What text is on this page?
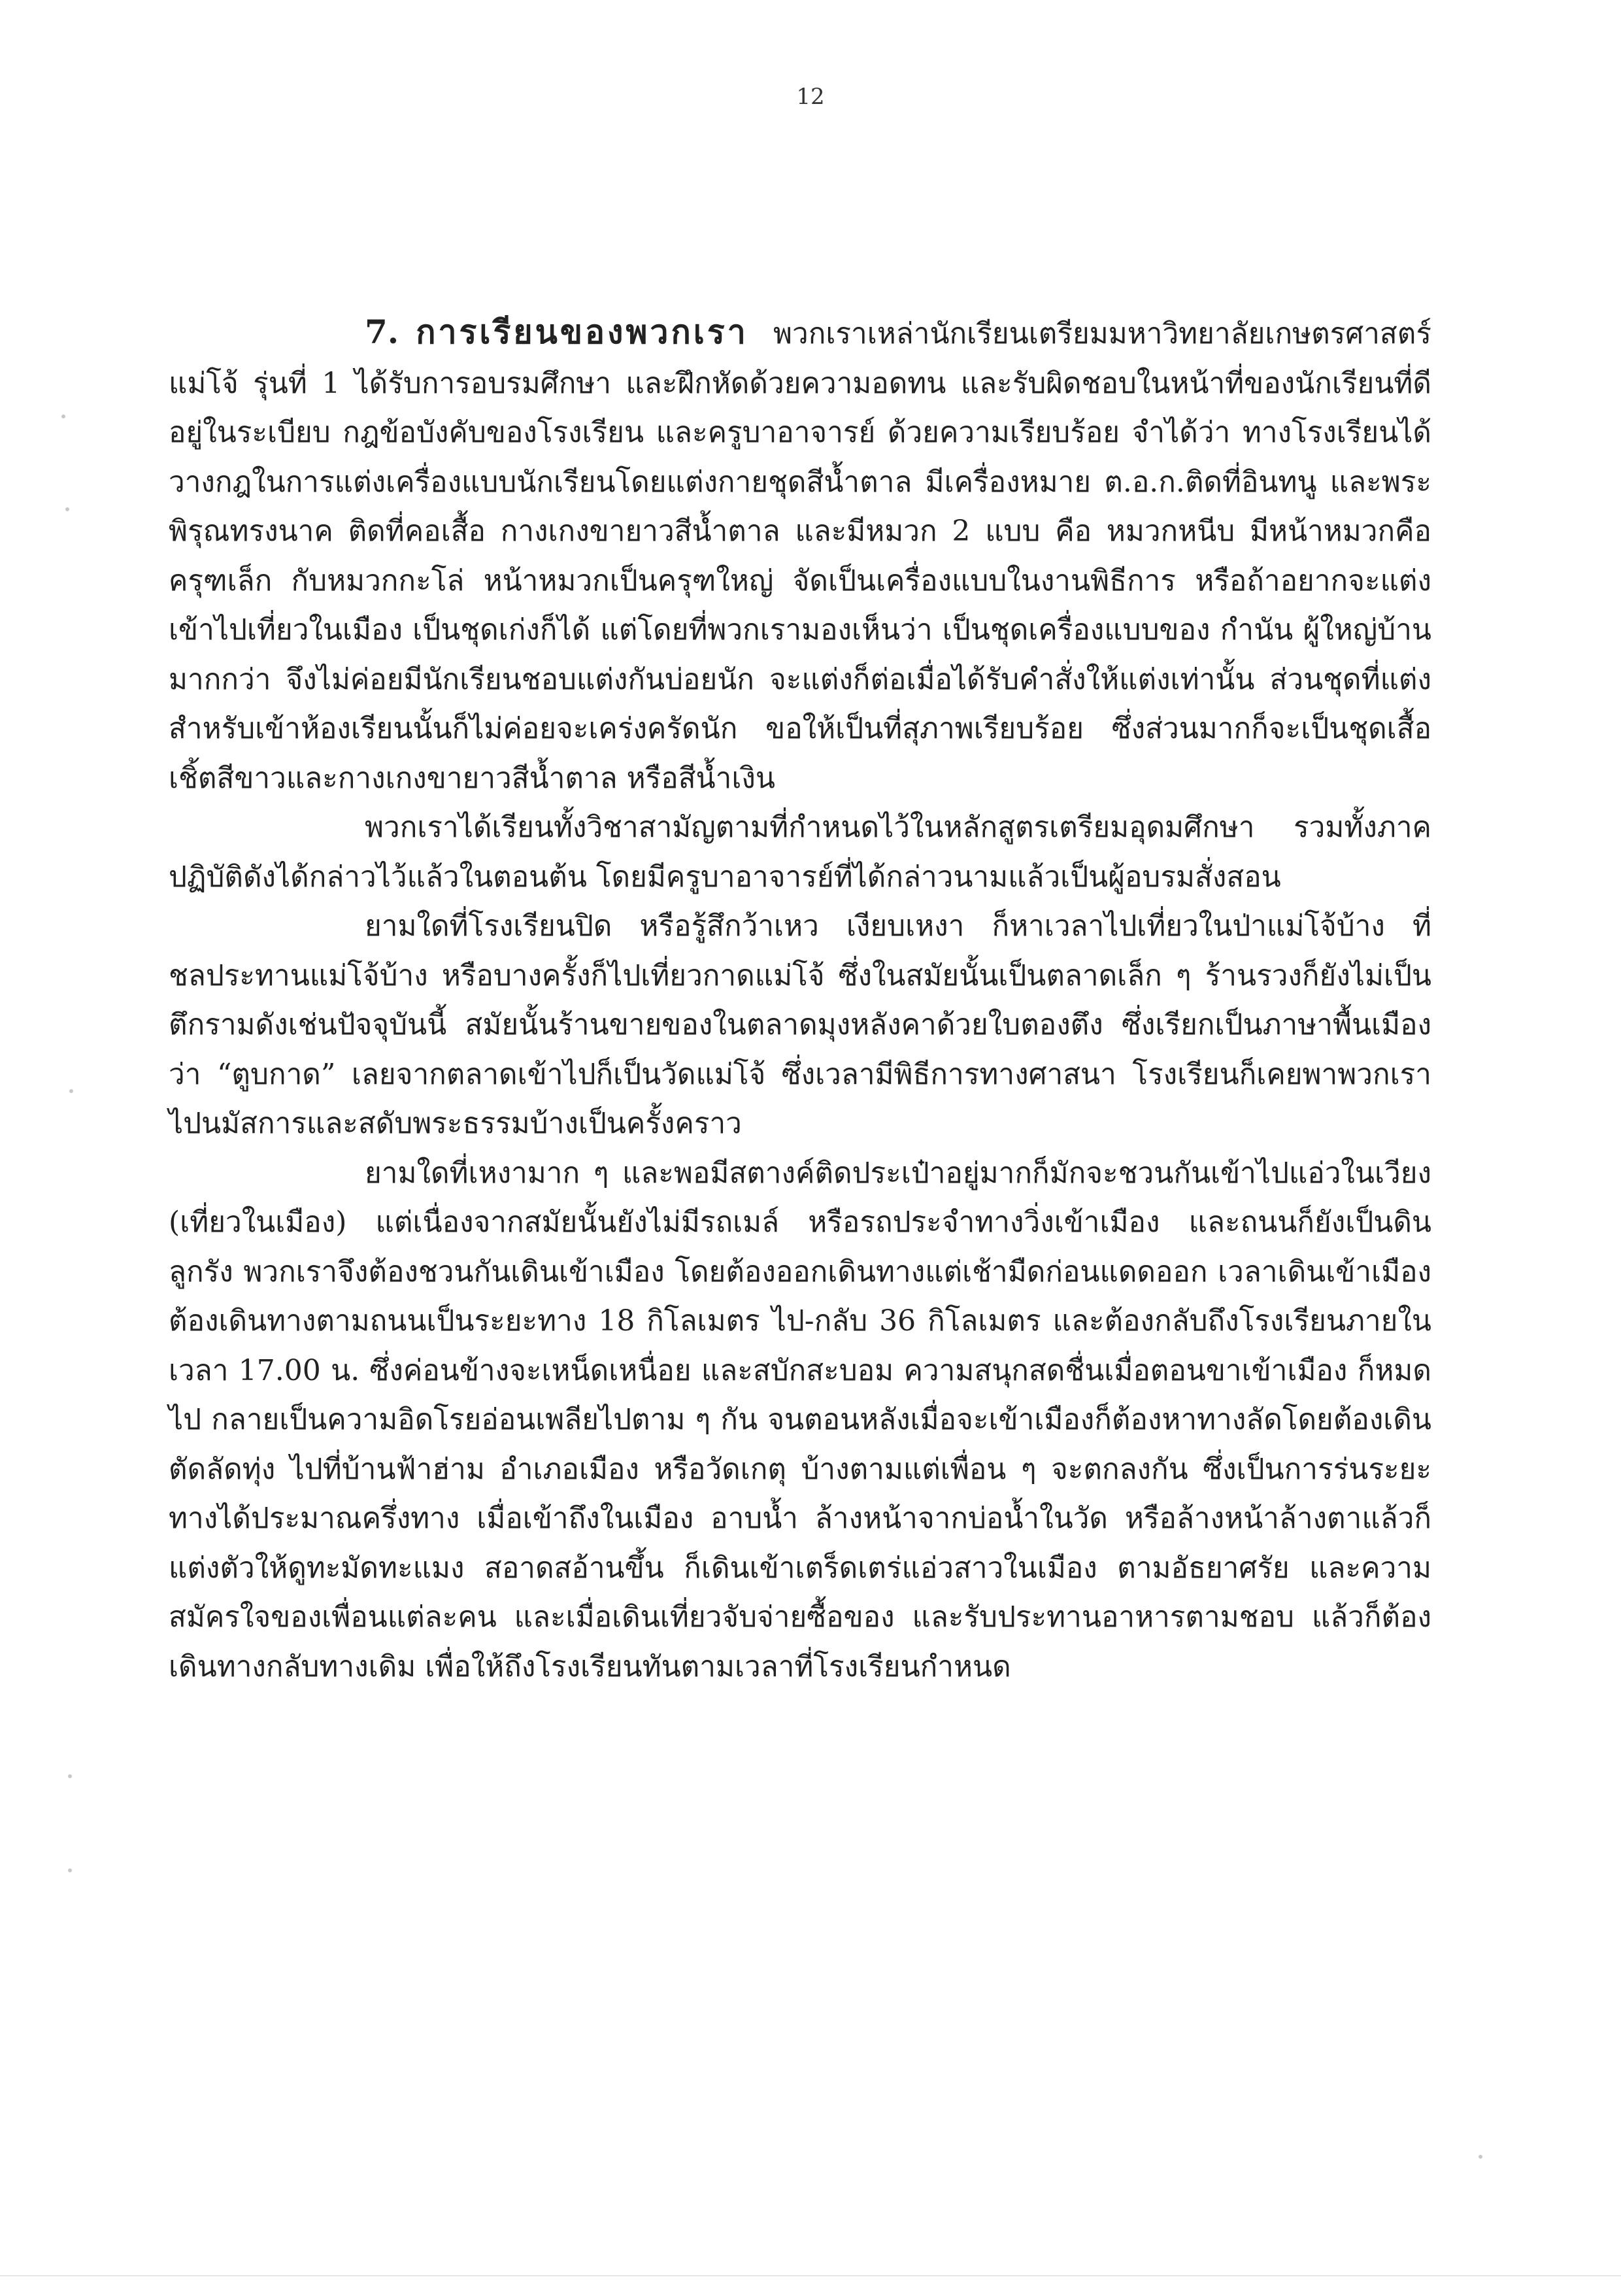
12

7. การเรียนของพวกเรา พวกเราเหล่านักเรียนเตรียมมหาวิทยาลัยเกษตรศาสตร์ แม่โจ้ รุ่นที่ 1 ได้รับการอบรมศึกษา และฝึกหัดด้วยความอดทน และรับผิดชอบในหน้าที่ของนักเรียนที่ดีอยู่ในระเบียบ กฎข้อบังคับของโรงเรียน และครูบาอาจารย์ ด้วยความเรียบร้อย จำได้ว่า ทางโรงเรียนได้วางกฎในการแต่งเครื่องแบบนักเรียนโดยแต่งกายชุดสีน้ำตาล มีเครื่องหมาย ต.อ.ก.ติดที่อินทนู และพระพิรุณทรงนาค ติดที่คอเสื้อ กางเกงขายาวสีน้ำตาล และมีหมวก 2 แบบ คือ หมวกหนีบ มีหน้าหมวกคือครุฑเล็ก กับหมวกกะโล่ หน้าหมวกเป็นครุฑใหญ่ จัดเป็นเครื่องแบบในงานพิธีการ หรือถ้าอยากจะแต่งเข้าไปเที่ยวในเมือง เป็นชุดเก่งก็ได้ แต่โดยที่พวกเรามองเห็นว่า เป็นชุดเครื่องแบบของ กำนัน ผู้ใหญ่บ้าน มากกว่า จึงไม่ค่อยมีนักเรียนชอบแต่งกันบ่อยนัก จะแต่งก็ต่อเมื่อได้รับคำสั่งให้แต่งเท่านั้น ส่วนชุดที่แต่งสำหรับเข้าห้องเรียนนั้นก็ไม่ค่อยจะเคร่งครัดนัก ขอให้เป็นที่สุภาพเรียบร้อย ซึ่งส่วนมากก็จะเป็นชุดเสื้อเชิ้ตสีขาวและกางเกงขายาวสีน้ำตาล หรือสีน้ำเงิน

พวกเราได้เรียนทั้งวิชาสามัญตามที่กำหนดไว้ในหลักสูตรเตรียมอุดมศึกษา รวมทั้งภาคปฏิบัติดังได้กล่าวไว้แล้วในตอนต้น โดยมีครูบาอาจารย์ที่ได้กล่าวนามแล้วเป็นผู้อบรมสั่งสอน

ยามใดที่โรงเรียนปิด หรือรู้สึกว้าเหว เงียบเหงา ก็หาเวลาไปเที่ยวในป่าแม่โจ้บ้าง ที่ชลประทานแม่โจ้บ้าง หรือบางครั้งก็ไปเที่ยวกาดแม่โจ้ ซึ่งในสมัยนั้นเป็นตลาดเล็ก ๆ ร้านรวงก็ยังไม่เป็นตึกรามดังเช่นปัจจุบันนี้ สมัยนั้นร้านขายของในตลาดมุงหลังคาด้วยใบตองตึง ซึ่งเรียกเป็นภาษาพื้นเมืองว่า “ตูบกาด” เลยจากตลาดเข้าไปก็เป็นวัดแม่โจ้ ซึ่งเวลามีพิธีการทางศาสนา โรงเรียนก็เคยพาพวกเราไปนมัสการและสดับพระธรรมบ้างเป็นครั้งคราว

ยามใดที่เหงามาก ๆ และพอมีสตางค์ติดประเป๋าอยู่มากก็มักจะชวนกันเข้าไปแอ่วในเวียง (เที่ยวในเมือง) แต่เนื่องจากสมัยนั้นยังไม่มีรถเมล์ หรือรถประจำทางวิ่งเข้าเมือง และถนนก็ยังเป็นดินลูกรัง พวกเราจึงต้องชวนกันเดินเข้าเมือง โดยต้องออกเดินทางแต่เช้ามืดก่อนแดดออก เวลาเดินเข้าเมืองต้องเดินทางตามถนนเป็นระยะทาง 18 กิโลเมตร ไป-กลับ 36 กิโลเมตร และต้องกลับถึงโรงเรียนภายในเวลา 17.00 น. ซึ่งค่อนข้างจะเหน็ดเหนื่อย และสบักสะบอม ความสนุกสดชื่นเมื่อตอนขาเข้าเมือง ก็หมดไป กลายเป็นความอิดโรยอ่อนเพลียไปตาม ๆ กัน จนตอนหลังเมื่อจะเข้าเมืองก็ต้องหาทางลัดโดยต้องเดินตัดลัดทุ่ง ไปที่บ้านฟ้าฮ่าม อำเภอเมือง หรือวัดเกตุ บ้างตามแต่เพื่อน ๆ จะตกลงกัน ซึ่งเป็นการร่นระยะทางได้ประมาณครึ่งทาง เมื่อเข้าถึงในเมือง อาบน้ำ ล้างหน้าจากบ่อน้ำในวัด หรือล้างหน้าล้างตาแล้วก็แต่งตัวให้ดูทะมัดทะแมง สอาดสอ้านขึ้น ก็เดินเข้าเตร็ดเตร่แอ่วสาวในเมือง ตามอัธยาศรัย และความสมัครใจของเพื่อนแต่ละคน และเมื่อเดินเที่ยวจับจ่ายซื้อของ และรับประทานอาหารตามชอบ แล้วก็ต้องเดินทางกลับทางเดิม เพื่อให้ถึงโรงเรียนทันตามเวลาที่โรงเรียนกำหนด
